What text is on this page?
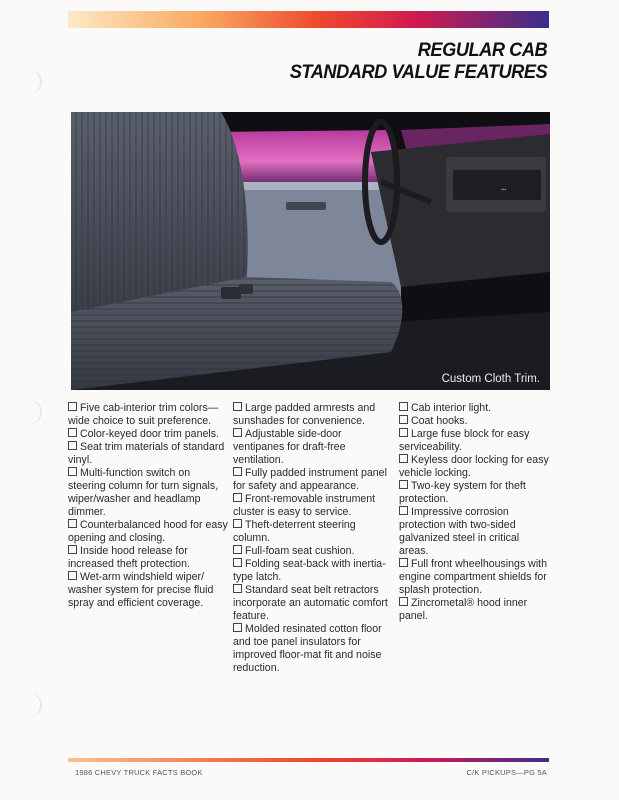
REGULAR CAB
STANDARD VALUE FEATURES
▪▪▪
Custom Cloth Trim.

Five cab-interior trim colors—wide choice to suit preference.

Color-keyed door trim panels.

Seat trim materials of standard vinyl.

Multi-function switch on steering column for turn signals, wiper/washer and headlamp dimmer.

Counterbalanced hood for easy opening and closing.

Inside hood release for increased theft protection.

Wet-arm windshield wiper/ washer system for precise fluid spray and efficient coverage.

Large padded armrests and sunshades for convenience.

Adjustable side-door ventipanes for draft-free ventilation.

Fully padded instrument panel for safety and appearance.

Front-removable instrument cluster is easy to service.

Theft-deterrent steering column.

Full-foam seat cushion.

Folding seat-back with inertia-type latch.

Standard seat belt retractors incorporate an automatic comfort feature.

Molded resinated cotton floor and toe panel insulators for improved floor-mat fit and noise reduction.

Cab interior light.

Coat hooks.

Large fuse block for easy serviceability.

Keyless door locking for easy vehicle locking.

Two-key system for theft protection.

Impressive corrosion protection with two-sided galvanized steel in critical areas.

Full front wheelhousings with engine compartment shields for splash protection.

Zincrometal® hood inner panel.

1986 CHEVY TRUCK FACTS BOOK	C/K PICKUPS—PG 5A
